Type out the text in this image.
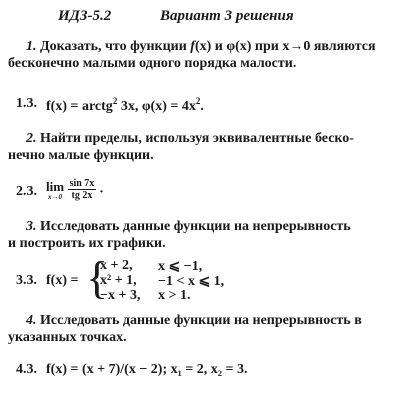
ИДЗ-5.2	Вариант 3 решения

1. Доказать, что функции f(x) и φ(x) при x→0 являются
бесконечно малыми одного порядка малости.

1.3. f(x) = arctg$^2$ 3x, $\varphi(x) = 4x^2$.

2. Найти пределы, используя эквивалентные беско-
нечно малые функции.

2.3. lim
x→0
$\frac{\sin 7x}{tg 2x}$ .

3. Исследовать данные функции на непрерывность
и построить их графики.

3.3. f(x) = {
x + 2, x ⩽ −1,
x² + 1, −1 < x ⩽ 1,
−x + 3, x > 1.

4. Исследовать данные функции на непрерывность в
указанных точках.

4.3. f(x) = (x + 7)/(x − 2); x₁ = 2, x₂ = 3.
